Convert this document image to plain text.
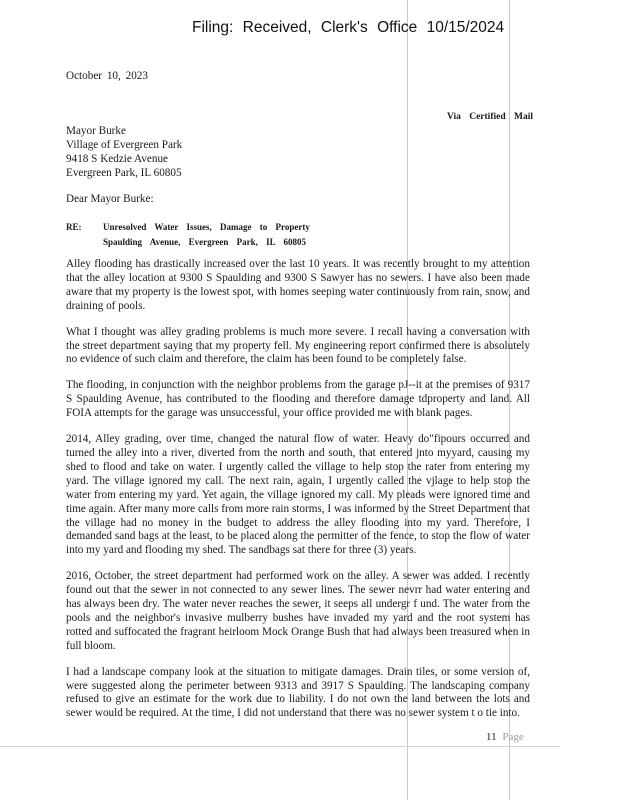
Filing: Received, Clerk's Office 10/15/2024
October 10, 2023
Via Certified Mail
Mayor Burke
Village of Evergreen Park
9418 S Kedzie Avenue
Evergreen Park, IL 60805
Dear Mayor Burke:
RE: Unresolved Water Issues, Damage to Property
Spaulding Avenue, Evergreen Park, IL 60805

Alley flooding has drastically increased over the last 10 years. It was recently brought to my attention that the alley location at 9300 S Spaulding and 9300 S Sawyer has no sewers. I have also been made aware that my property is the lowest spot, with homes seeping water continuously from rain, snow, and draining of pools.

What I thought was alley grading problems is much more severe. I recall having a conversation with the street department saying that my property fell. My engineering report confirmed there is absolutely no evidence of such claim and therefore, the claim has been found to be completely false.

The flooding, in conjunction with the neighbor problems from the garage pJ--it at the premises of 9317 S Spaulding Avenue, has contributed to the flooding and therefore damage tdproperty and land. All FOIA attempts for the garage was unsuccessful, your office provided me with blank pages.

2014, Alley grading, over time, changed the natural flow of water. Heavy do"fipours occurred and turned the alley into a river, diverted from the north and south, that entered jnto myyard, causing my shed to flood and take on water. I urgently called the village to help stop the rater from entering my yard. The village ignored my call. The next rain, again, I urgently called the vjlage to help stop the water from entering my yard. Yet again, the village ignored my call. My pleads were ignored time and time again. After many more calls from more rain storms, I was informed by the Street Department that the village had no money in the budget to address the alley flooding into my yard. Therefore, I demanded sand bags at the least, to be placed along the permitter of the fence, to stop the flow of water into my yard and flooding my shed. The sandbags sat there for three (3) years.

2016, October, the street department had performed work on the alley. A sewer was added. I recently found out that the sewer in not connected to any sewer lines. The sewer nevrr had water entering and has always been dry. The water never reaches the sewer, it seeps all undergr f und. The water from the pools and the neighbor's invasive mulberry bushes have invaded my yard and the root system has rotted and suffocated the fragrant heirloom Mock Orange Bush that had always been treasured when in full bloom.

I had a landscape company look at the situation to mitigate damages. Drain tiles, or some version of, were suggested along the perimeter between 9313 and 3917 S Spaulding. The landscaping company refused to give an estimate for the work due to liability. I do not own the land between the lots and sewer would be required. At the time, I did not understand that there was no sewer system t o tie into.

11 Page
